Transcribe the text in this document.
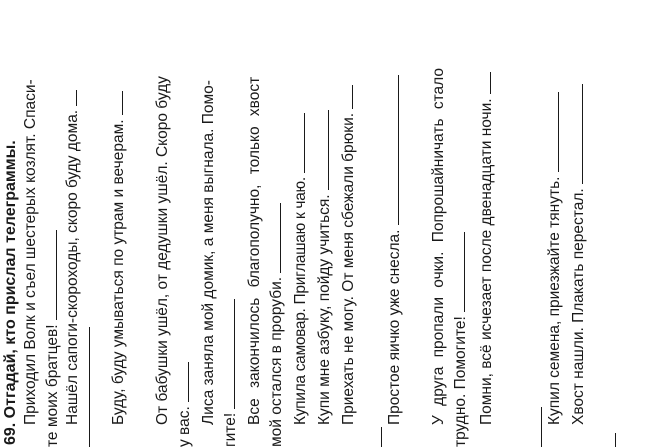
69. Отгадай, кто прислал телеграммы. Приходил Волк и съел шестерых козлят. Спаси- те моих братцев! Нашёл сапоги-скороходы, скоро буду дома. Буду, буду умываться по утрам и вечерам. От бабушки ушёл, от дедушки ушёл. Скоро буду
у вас.
Лиса заняла мой домик, а меня выгнала. Помо-
гите!
Все закончилось благополучно, только хвост мой остался в проруби. Купила самовар. Приглашаю к чаю. Купи мне азбуку, пойду учиться. Приехать не могу. От меня сбежали брюки. Простое яичко уже снесла. У друга пропали очки. Попрошайничать стало трудно. Помогите! Помни, всё исчезает после двенадцати ночи.	Купил семена, приезжайте тянуть. Хвост нашли. Плакать перестал.
